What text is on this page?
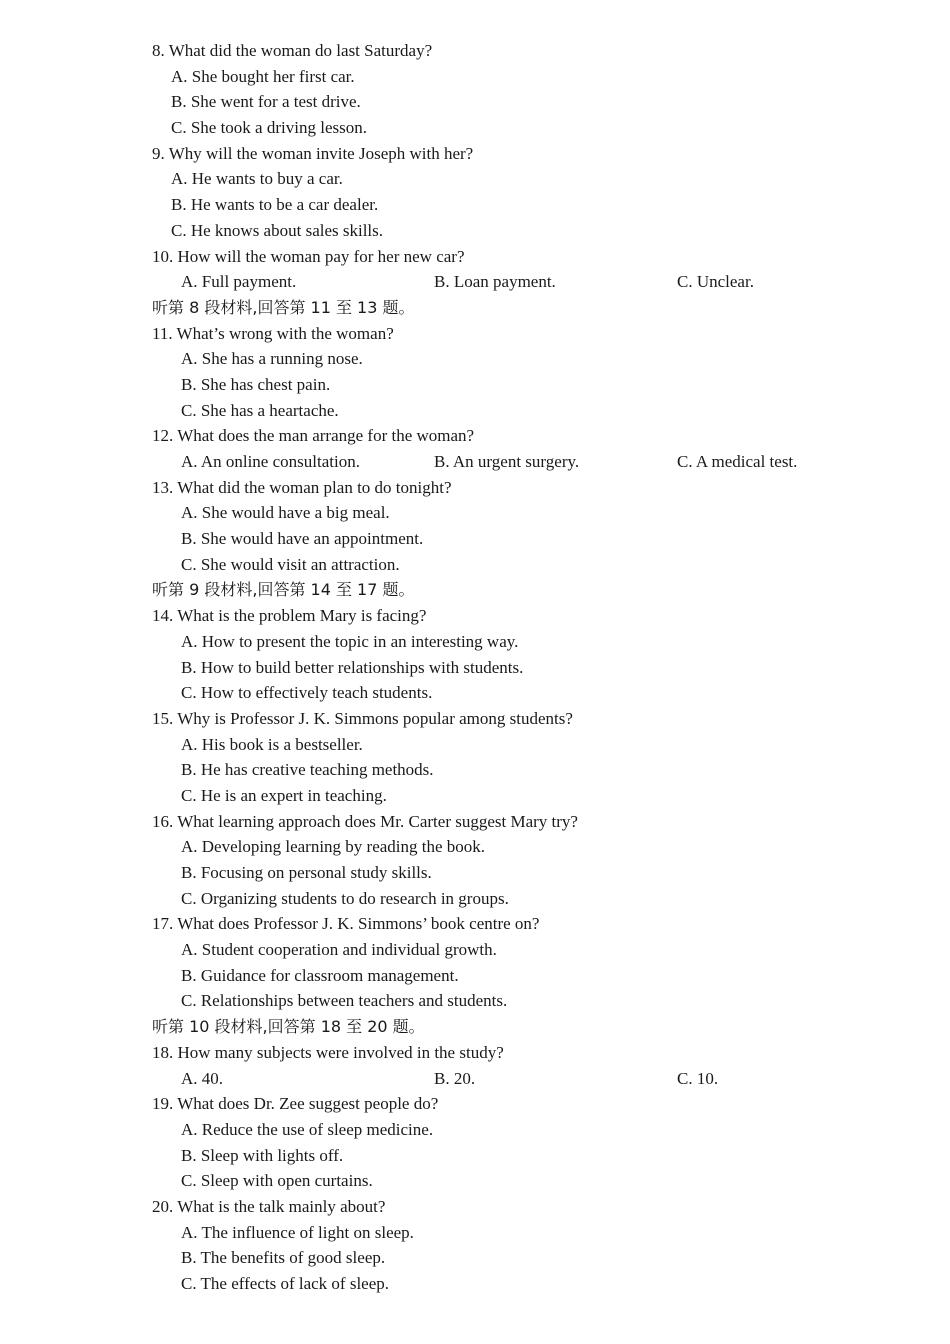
8. What did the woman do last Saturday?
A. She bought her first car.
B. She went for a test drive.
C. She took a driving lesson.
9. Why will the woman invite Joseph with her?
A. He wants to buy a car.
B. He wants to be a car dealer.
C. He knows about sales skills.
10. How will the woman pay for her new car?
A. Full payment.	B. Loan payment.	C. Unclear.
听第 8 段材料,回答第 11 至 13 题。
11. What’s wrong with the woman?
A. She has a running nose.
B. She has chest pain.
C. She has a heartache.
12. What does the man arrange for the woman?
A. An online consultation.	B. An urgent surgery.	C. A medical test.
13. What did the woman plan to do tonight?
A. She would have a big meal.
B. She would have an appointment.
C. She would visit an attraction.
听第 9 段材料,回答第 14 至 17 题。
14. What is the problem Mary is facing?
A. How to present the topic in an interesting way.
B. How to build better relationships with students.
C. How to effectively teach students.
15. Why is Professor J. K. Simmons popular among students?
A. His book is a bestseller.
B. He has creative teaching methods.
C. He is an expert in teaching.
16. What learning approach does Mr. Carter suggest Mary try?
A. Developing learning by reading the book.
B. Focusing on personal study skills.
C. Organizing students to do research in groups.
17. What does Professor J. K. Simmons’ book centre on?
A. Student cooperation and individual growth.
B. Guidance for classroom management.
C. Relationships between teachers and students.
听第 10 段材料,回答第 18 至 20 题。
18. How many subjects were involved in the study?
A. 40.	B. 20.	C. 10.
19. What does Dr. Zee suggest people do?
A. Reduce the use of sleep medicine.
B. Sleep with lights off.
C. Sleep with open curtains.
20. What is the talk mainly about?
A. The influence of light on sleep.
B. The benefits of good sleep.
C. The effects of lack of sleep.
